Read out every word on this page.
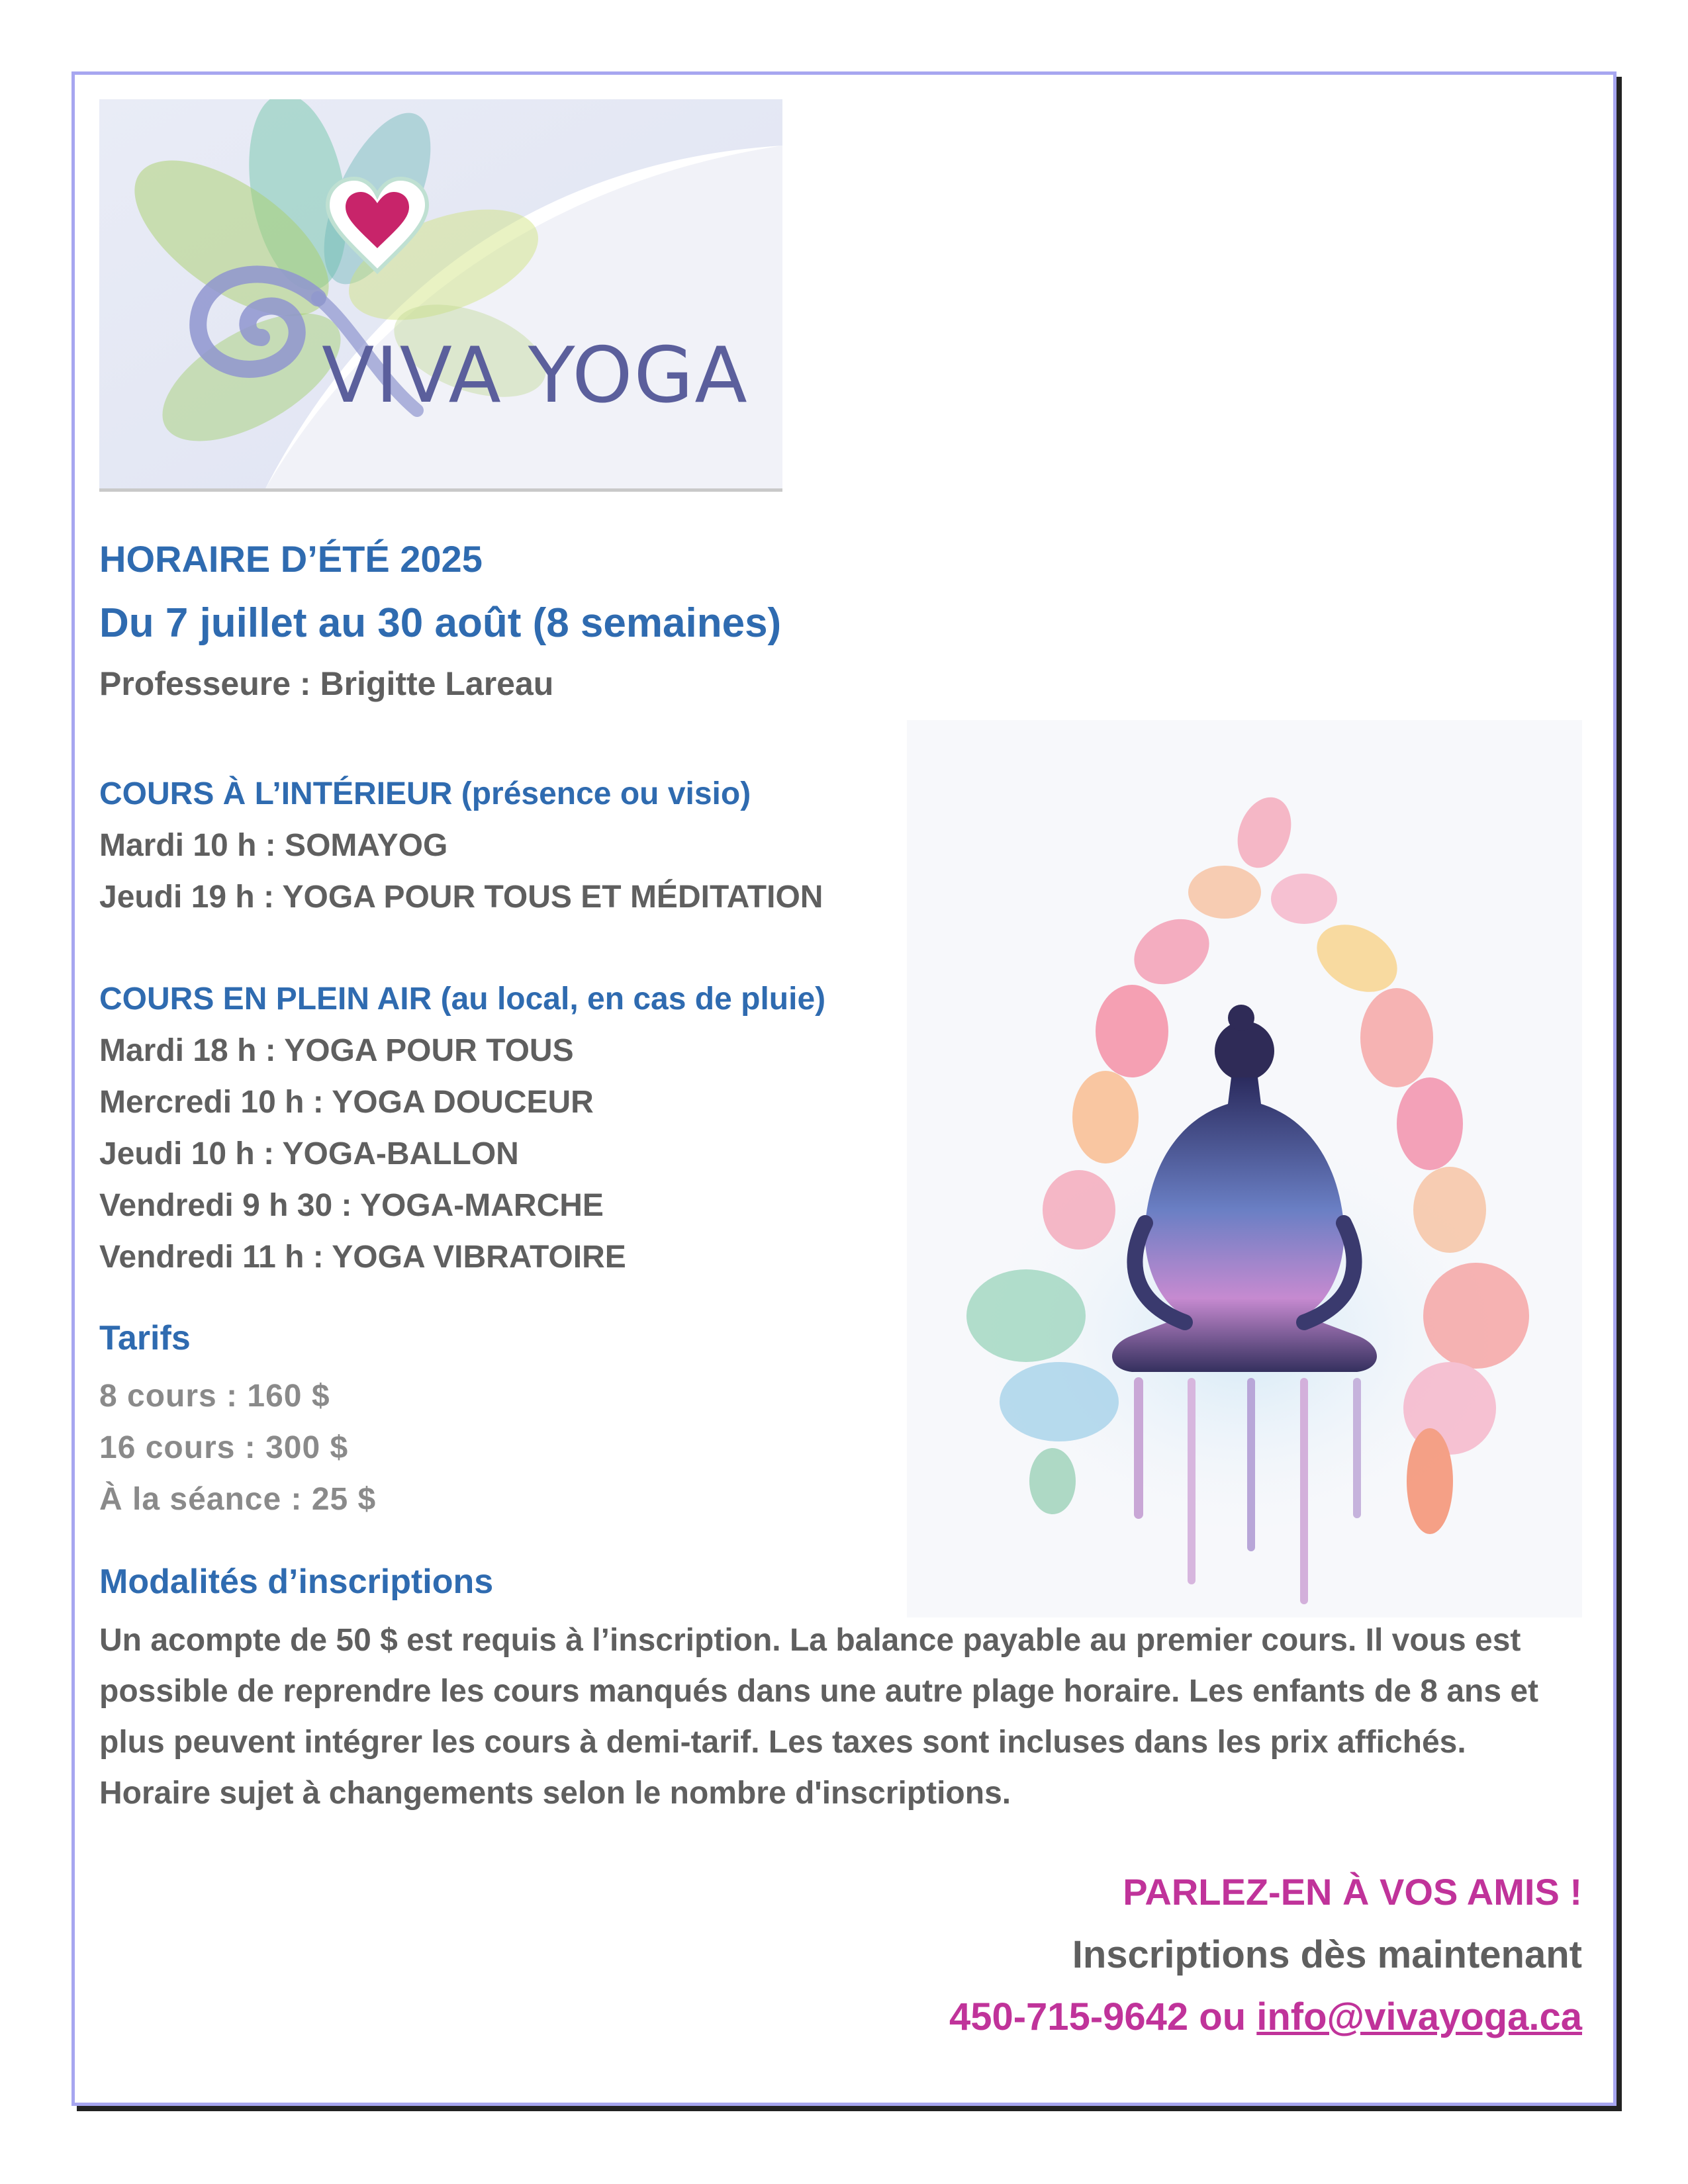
VIVA YOGA
HORAIRE D’ÉTÉ 2025
Du 7 juillet au 30 août (8 semaines)

Professeure : Brigitte Lareau

COURS À L’INTÉRIEUR (présence ou visio)

Mardi 10 h : SOMAYOG

Jeudi 19 h : YOGA POUR TOUS ET MÉDITATION

COURS EN PLEIN AIR (au local, en cas de pluie)

Mardi 18 h : YOGA POUR TOUS

Mercredi 10 h : YOGA DOUCEUR

Jeudi 10 h : YOGA-BALLON

Vendredi 9 h 30 : YOGA-MARCHE

Vendredi 11 h : YOGA VIBRATOIRE

Tarifs

8 cours : 160 $

16 cours : 300 $

À la séance : 25 $

Modalités d’inscriptions

Un acompte de 50 $ est requis à l’inscription. La balance payable au premier cours. Il vous est possible de reprendre les cours manqués dans une autre plage horaire. Les enfants de 8 ans et plus peuvent intégrer les cours à demi-tarif. Les taxes sont incluses dans les prix affichés. Horaire sujet à changements selon le nombre d'inscriptions.

PARLEZ-EN À VOS AMIS !

Inscriptions dès maintenant

450-715-9642 ou info@vivayoga.ca
